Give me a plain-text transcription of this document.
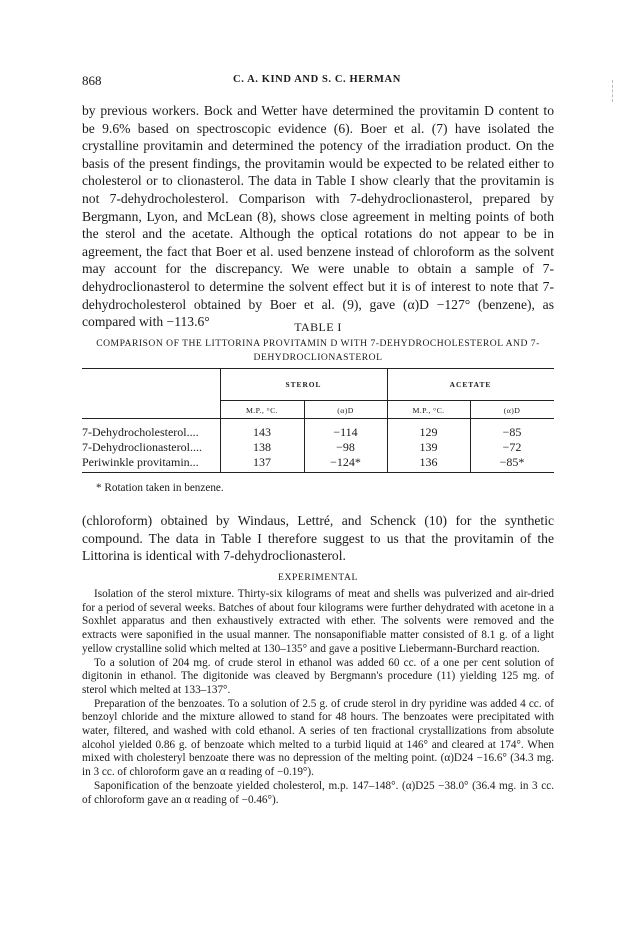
868	C. A. KIND AND S. C. HERMAN

by previous workers. Bock and Wetter have determined the provitamin D content to be 9.6% based on spectroscopic evidence (6). Boer et al. (7) have isolated the crystalline provitamin and determined the potency of the irradiation product. On the basis of the present findings, the provitamin would be expected to be related either to cholesterol or to clionasterol. The data in Table I show clearly that the provitamin is not 7-dehydrocholesterol. Comparison with 7-dehydroclionasterol, prepared by Bergmann, Lyon, and McLean (8), shows close agreement in melting points of both the sterol and the acetate. Although the optical rotations do not appear to be in agreement, the fact that Boer et al. used benzene instead of chloroform as the solvent may account for the discrepancy. We were unable to obtain a sample of 7-dehydroclionasterol to determine the solvent effect but it is of interest to note that 7-dehydrocholesterol obtained by Boer et al. (9), gave (α)D −127° (benzene), as compared with −113.6°	TABLE I
COMPARISON OF THE LITTORINA PROVITAMIN D WITH 7-DEHYDROCHOLESTEROL AND 7-DEHYDROCLIONASTEROL
STEROL	ACETATE
M.P., °C.	(α)D	M.P., °C.	(α)D
7-Dehydrocholesterol....	143	−114	129	−85
7-Dehydroclionasterol....	138	−98	139	−72
Periwinkle provitamin...	137	−124*	136	−85*
* Rotation taken in benzene.

(chloroform) obtained by Windaus, Lettré, and Schenck (10) for the synthetic compound. The data in Table I therefore suggest to us that the provitamin of the Littorina is identical with 7-dehydroclionasterol.

EXPERIMENTAL

Isolation of the sterol mixture. Thirty-six kilograms of meat and shells was pulverized and air-dried for a period of several weeks. Batches of about four kilograms were further dehydrated with acetone in a Soxhlet apparatus and then exhaustively extracted with ether. The solvents were removed and the extracts were saponified in the usual manner. The nonsaponifiable matter consisted of 8.1 g. of a light yellow crystalline solid which melted at 130–135° and gave a positive Liebermann-Burchard reaction.

To a solution of 204 mg. of crude sterol in ethanol was added 60 cc. of a one per cent solution of digitonin in ethanol. The digitonide was cleaved by Bergmann's procedure (11) yielding 125 mg. of sterol which melted at 133–137°.

Preparation of the benzoates. To a solution of 2.5 g. of crude sterol in dry pyridine was added 4 cc. of benzoyl chloride and the mixture allowed to stand for 48 hours. The benzoates were precipitated with water, filtered, and washed with cold ethanol. A series of ten fractional crystallizations from absolute alcohol yielded 0.86 g. of benzoate which melted to a turbid liquid at 146° and cleared at 174°. When mixed with cholesteryl benzoate there was no depression of the melting point. (α)D24 −16.6° (34.3 mg. in 3 cc. of chloroform gave an α reading of −0.19°).

Saponification of the benzoate yielded cholesterol, m.p. 147–148°. (α)D25 −38.0° (36.4 mg. in 3 cc. of chloroform gave an α reading of −0.46°).
